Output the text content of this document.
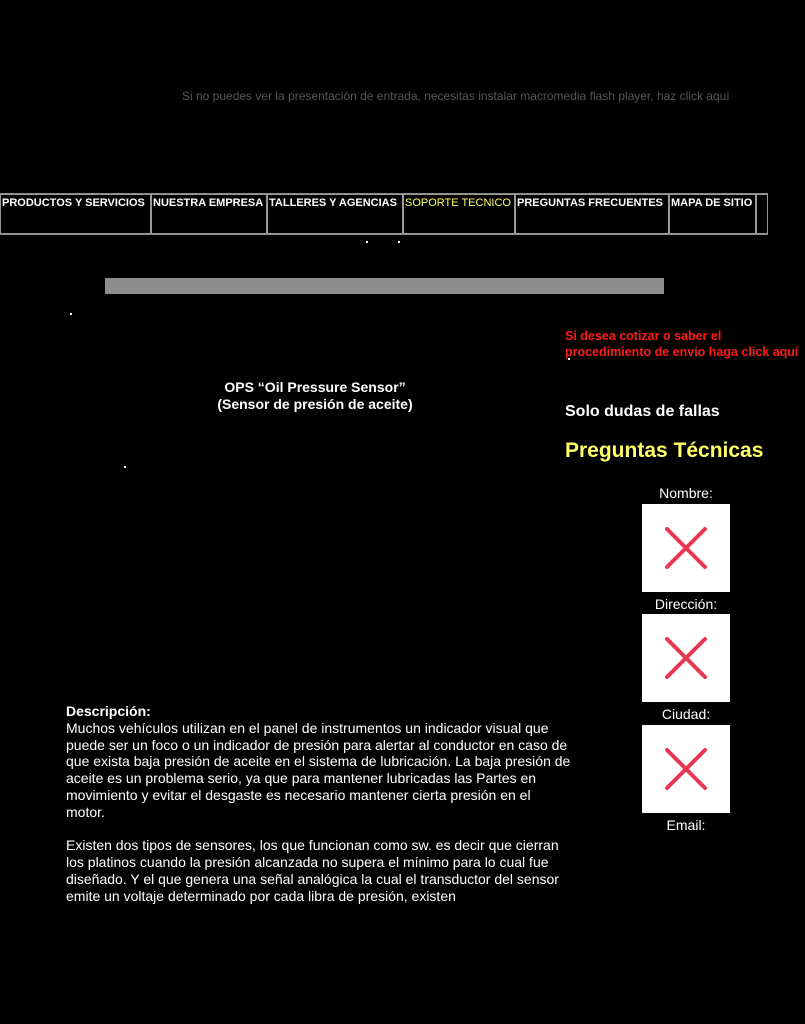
Si no puedes ver la presentación de entrada, necesitas instalar macromedia flash player, haz click aquí
PRODUCTOS Y SERVICIOS NUESTRA EMPRESA TALLERES Y AGENCIAS SOPORTE TECNICO PREGUNTAS FRECUENTES MAPA DE SITIO
Si desea cotizar o saber el procedimiento de envío haga click aquí
OPS “Oil Pressure Sensor”
(Sensor de presión de aceite)	Solo dudas de fallas
Preguntas Técnicas
Nombre:
Dirección:
Ciudad:
Email:
Descripción:

Muchos vehículos utilizan en el panel de instrumentos un indicador visual que puede ser un foco o un indicador de presión para alertar al conductor en caso de que exista baja presión de aceite en el sistema de lubricación. La baja presión de aceite es un problema serio, ya que para mantener lubricadas las Partes en movimiento y evitar el desgaste es necesario mantener cierta presión en el motor.

Existen dos tipos de sensores, los que funcionan como sw. es decir que cierran los platinos cuando la presión alcanzada no supera el mínimo para lo cual fue diseñado. Y el que genera una señal analógica la cual el transductor del sensor emite un voltaje determinado por cada libra de presión, existen
